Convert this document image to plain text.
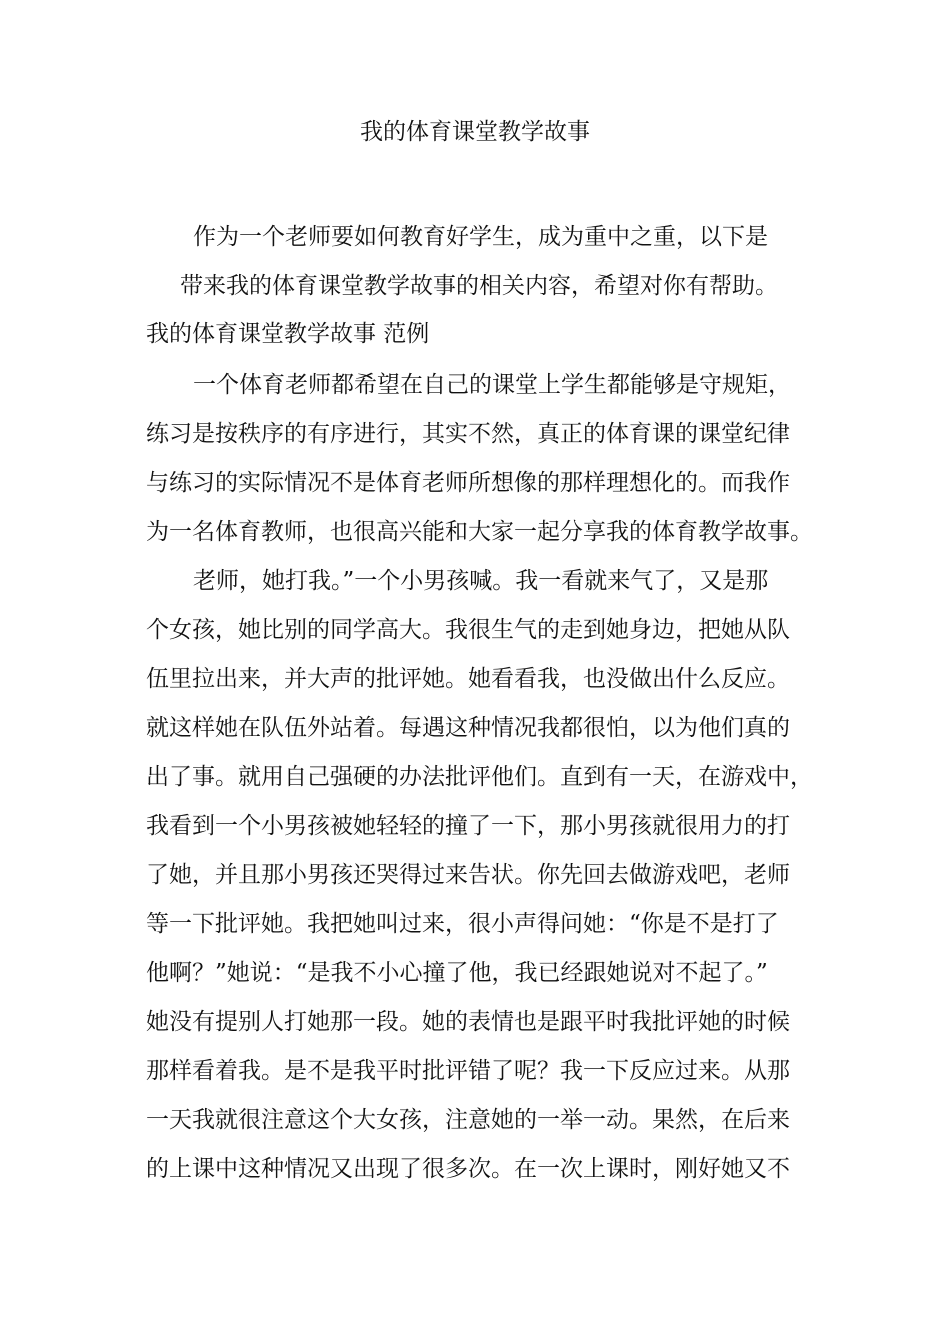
我的体育课堂教学故事
作为一个老师要如何教育好学生，成为重中之重，以下是
带来我的体育课堂教学故事的相关内容，希望对你有帮助。
我的体育课堂教学故事 范例
一个体育老师都希望在自己的课堂上学生都能够是守规矩，
练习是按秩序的有序进行，其实不然，真正的体育课的课堂纪律
与练习的实际情况不是体育老师所想像的那样理想化的。而我作
为一名体育教师，也很高兴能和大家一起分享我的体育教学故事。
老师，她打我。”一个小男孩喊。我一看就来气了，又是那
个女孩，她比别的同学高大。我很生气的走到她身边，把她从队
伍里拉出来，并大声的批评她。她看看我，也没做出什么反应。
就这样她在队伍外站着。每遇这种情况我都很怕，以为他们真的
出了事。就用自己强硬的办法批评他们。直到有一天，在游戏中，
我看到一个小男孩被她轻轻的撞了一下，那小男孩就很用力的打
了她，并且那小男孩还哭得过来告状。你先回去做游戏吧，老师
等一下批评她。我把她叫过来，很小声得问她：“你是不是打了
他啊？”她说：“是我不小心撞了他，我已经跟她说对不起了。”
她没有提别人打她那一段。她的表情也是跟平时我批评她的时候
那样看着我。是不是我平时批评错了呢？我一下反应过来。从那
一天我就很注意这个大女孩，注意她的一举一动。果然，在后来
的上课中这种情况又出现了很多次。在一次上课时，刚好她又不
